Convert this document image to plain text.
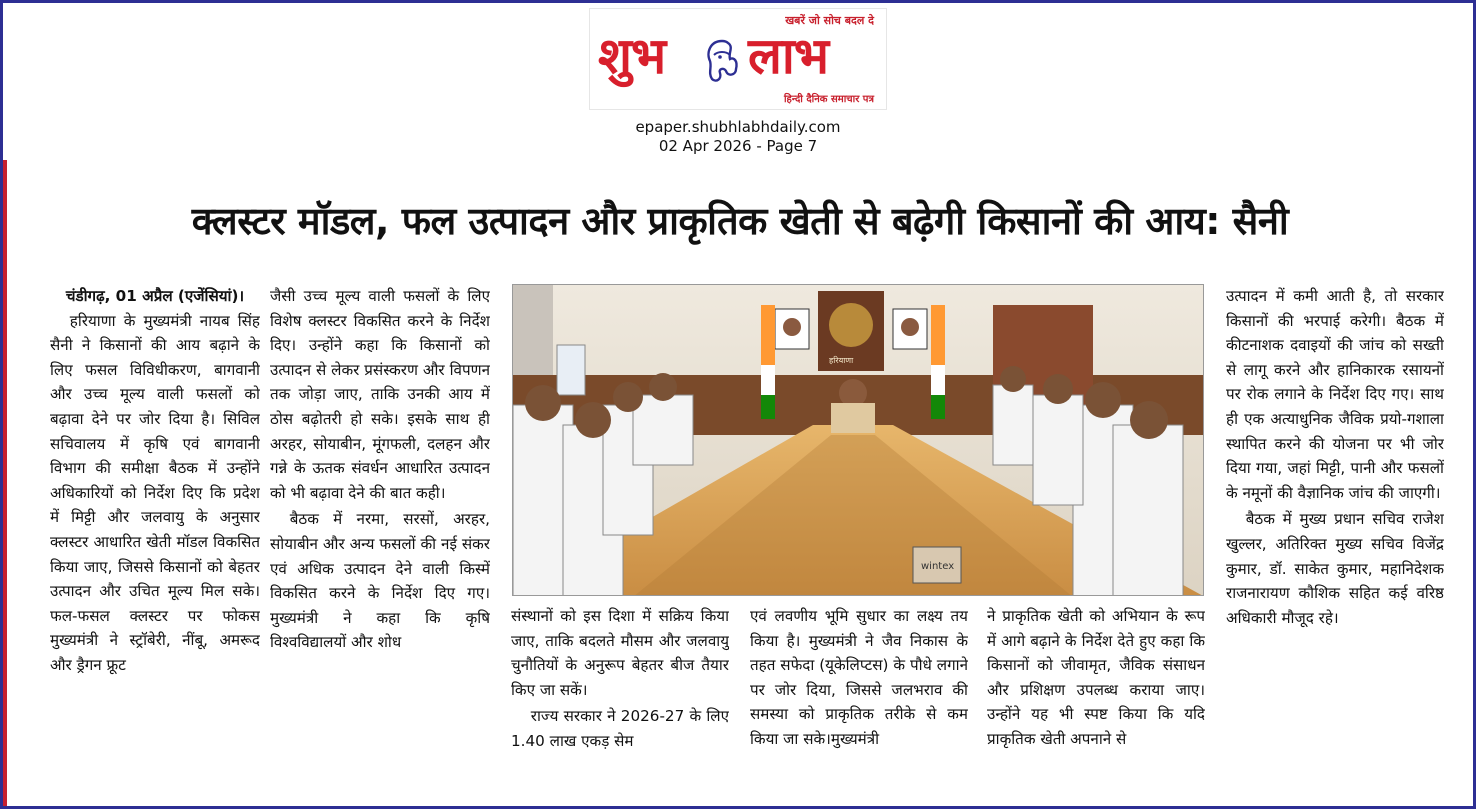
खबरें जो सोच बदल दे
शुभ लाभ
हिन्दी दैनिक समाचार पत्र
epaper.shubhlabhdaily.com
02 Apr 2026 - Page 7
क्लस्टर मॉडल, फल उत्पादन और प्राकृतिक खेती से बढ़ेगी किसानों की आय: सैनी
चंडीगढ़, 01 अप्रैल (एजेंसियां)।

हरियाणा के मुख्यमंत्री नायब सिंह सैनी ने किसानों की आय बढ़ाने के लिए फसल विविधीकरण, बागवानी और उच्च मूल्य वाली फसलों को बढ़ावा देने पर जोर दिया है। सिविल सचिवालय में कृषि एवं बागवानी विभाग की समीक्षा बैठक में उन्होंने अधिकारियों को निर्देश दिए कि प्रदेश में मिट्टी और जलवायु के अनुसार क्लस्टर आधारित खेती मॉडल विकसित किया जाए, जिससे किसानों को बेहतर उत्पादन और उचित मूल्य मिल सके। फल-फसल क्लस्टर पर फोकस मुख्यमंत्री ने स्ट्रॉबेरी, नींबू, अमरूद और ड्रैगन फ्रूट

जैसी उच्च मूल्य वाली फसलों के लिए विशेष क्लस्टर विकसित करने के निर्देश दिए। उन्होंने कहा कि किसानों को उत्पादन से लेकर प्रसंस्करण और विपणन तक जोड़ा जाए, ताकि उनकी आय में ठोस बढ़ोतरी हो सके। इसके साथ ही अरहर, सोयाबीन, मूंगफली, दलहन और गन्ने के ऊतक संवर्धन आधारित उत्पादन को भी बढ़ावा देने की बात कही।

बैठक में नरमा, सरसों, अरहर, सोयाबीन और अन्य फसलों की नई संकर एवं अधिक उत्पादन देने वाली किस्में विकसित करने के निर्देश दिए गए। मुख्यमंत्री ने कहा कि कृषि विश्वविद्यालयों और शोध

wintex
हरियाणा

संस्थानों को इस दिशा में सक्रिय किया जाए, ताकि बदलते मौसम और जलवायु चुनौतियों के अनुरूप बेहतर बीज तैयार किए जा सकें।

राज्य सरकार ने 2026-27 के लिए 1.40 लाख एकड़ सेम

एवं लवणीय भूमि सुधार का लक्ष्य तय किया है। मुख्यमंत्री ने जैव निकास के तहत सफेदा (यूकेलिप्टस) के पौधे लगाने पर जोर दिया, जिससे जलभराव की समस्या को प्राकृतिक तरीके से कम किया जा सके।मुख्यमंत्री

ने प्राकृतिक खेती को अभियान के रूप में आगे बढ़ाने के निर्देश देते हुए कहा कि किसानों को जीवामृत, जैविक संसाधन और प्रशिक्षण उपलब्ध कराया जाए। उन्होंने यह भी स्पष्ट किया कि यदि प्राकृतिक खेती अपनाने से

उत्पादन में कमी आती है, तो सरकार किसानों की भरपाई करेगी। बैठक में कीटनाशक दवाइयों की जांच को सख्ती से लागू करने और हानिकारक रसायनों पर रोक लगाने के निर्देश दिए गए। साथ ही एक अत्याधुनिक जैविक प्रयो-गशाला स्थापित करने की योजना पर भी जोर दिया गया, जहां मिट्टी, पानी और फसलों के नमूनों की वैज्ञानिक जांच की जाएगी।

बैठक में मुख्य प्रधान सचिव राजेश खुल्लर, अतिरिक्त मुख्य सचिव विजेंद्र कुमार, डॉ. साकेत कुमार, महानिदेशक राजनारायण कौशिक सहित कई वरिष्ठ अधिकारी मौजूद रहे।
